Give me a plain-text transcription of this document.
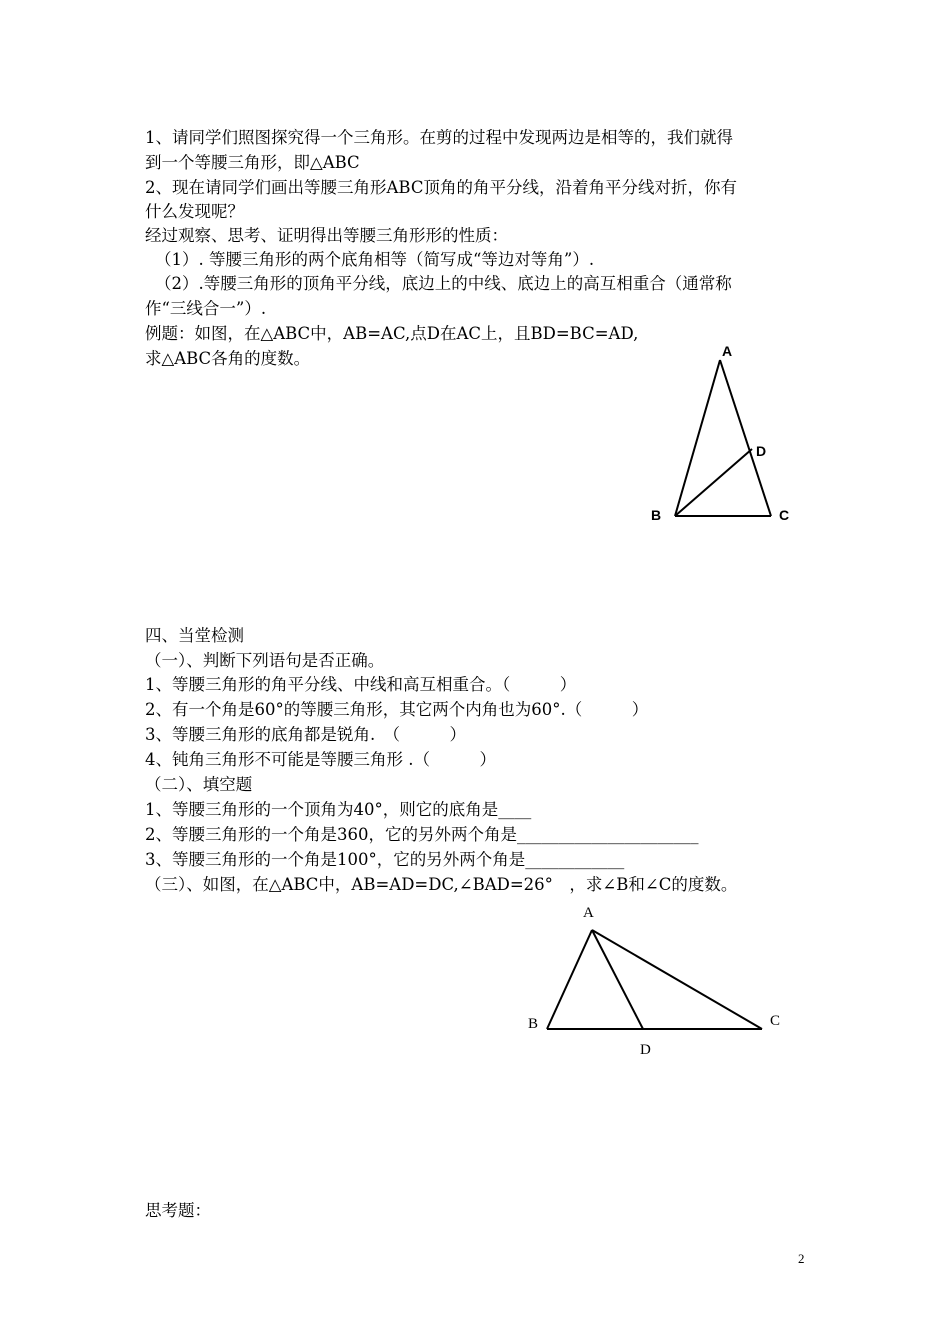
1、请同学们照图探究得一个三角形。在剪的过程中发现两边是相等的，我们就得
到一个等腰三角形，即△ABC
2、现在请同学们画出等腰三角形ABC顶角的角平分线，沿着角平分线对折，你有
什么发现呢？
经过观察、思考、证明得出等腰三角形形的性质：
（1）. 等腰三角形的两个底角相等（简写成“等边对等角”）.
（2）.等腰三角形的顶角平分线，底边上的中线、底边上的高互相重合（通常称
作“三线合一”）.
例题：如图，在△ABC中，AB=AC,点D在AC上，且BD=BC=AD,
求△ABC各角的度数。	A
B	C
D
A
B	C
D
四、当堂检测
（一）、判断下列语句是否正确。
1、等腰三角形的角平分线、中线和高互相重合。（　　　）
2、有一个角是60°的等腰三角形，其它两个内角也为60°.（　　　）
3、等腰三角形的底角都是锐角.　（　　　）
4、钝角三角形不可能是等腰三角形 .（　　　）
（二）、填空题
1、等腰三角形的一个顶角为40°，则它的底角是____
2、等腰三角形的一个角是360，它的另外两个角是______________________
3、等腰三角形的一个角是100°，它的另外两个角是____________
（三）、如图，在△ABC中，AB=AD=DC,∠BAD=26°　，求∠B和∠C的度数。
思考题：
2
